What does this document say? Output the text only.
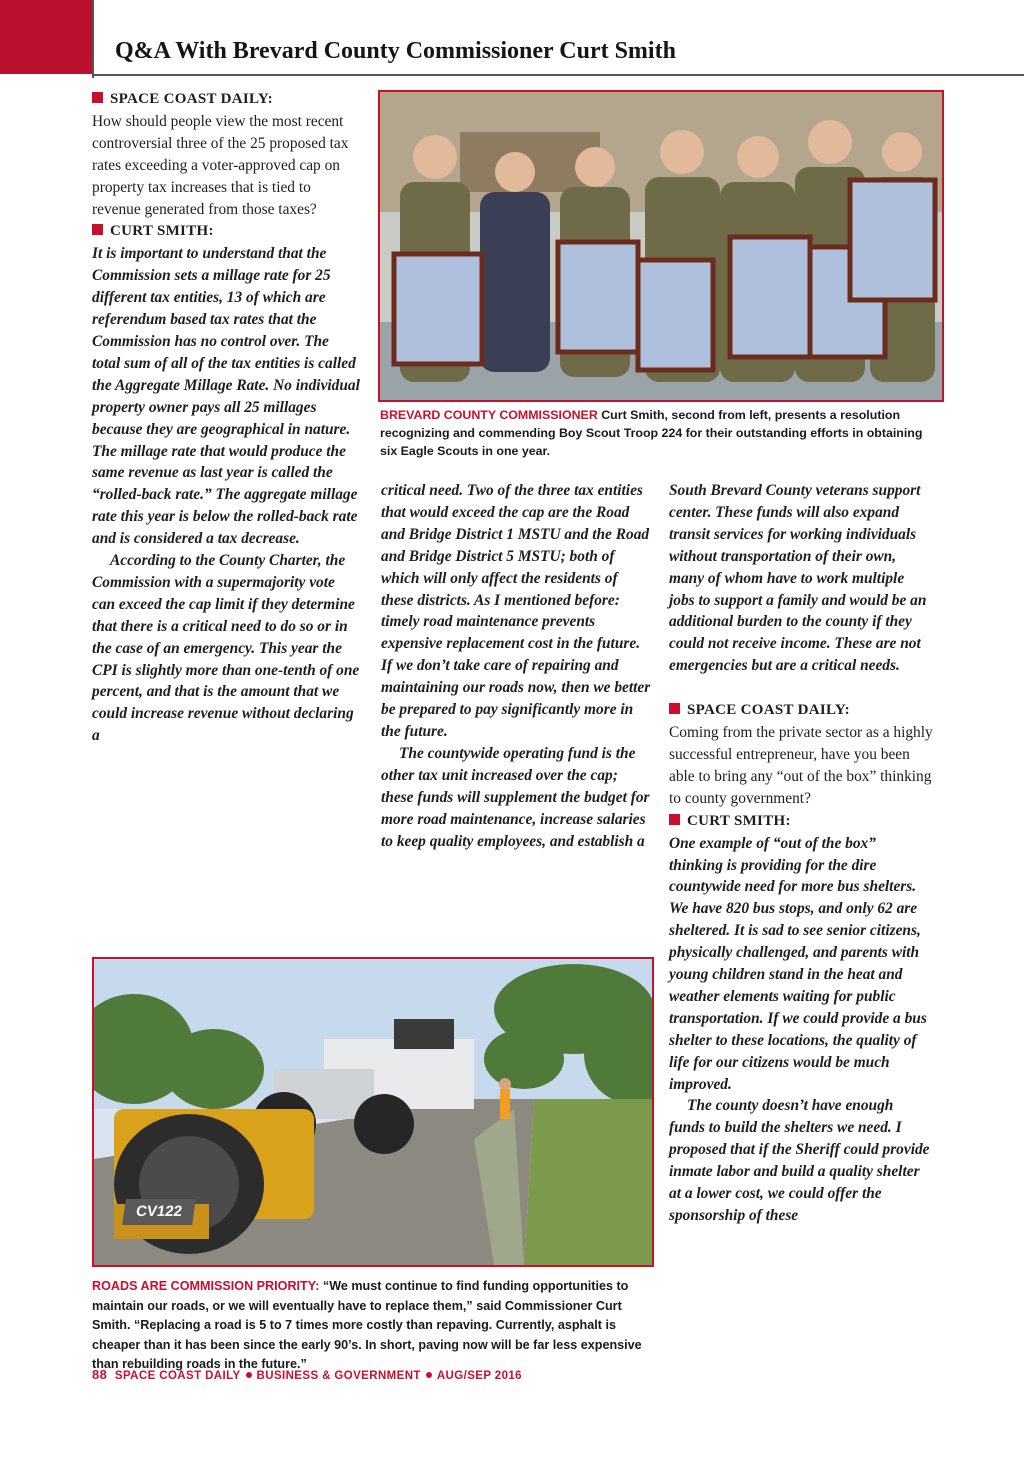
Q&A With Brevard County Commissioner Curt Smith

SPACE COAST DAILY:
How should people view the most recent controversial three of the 25 proposed tax rates exceeding a voter-approved cap on property tax increases that is tied to revenue generated from those taxes?

CURT SMITH:

It is important to understand that the Commission sets a millage rate for 25 different tax entities, 13 of which are referendum based tax rates that the Commission has no control over. The total sum of all of the tax entities is called the Aggregate Millage Rate. No individual property owner pays all 25 millages because they are geographical in nature. The millage rate that would produce the same revenue as last year is called the “rolled-back rate.” The aggregate millage rate this year is below the rolled-back rate and is considered a tax decrease.

According to the County Charter, the Commission with a supermajority vote can exceed the cap limit if they determine that there is a critical need to do so or in the case of an emergency. This year the CPI is slightly more than one-tenth of one percent, and that is the amount that we could increase revenue without declaring a

BREVARD COUNTY COMMISSIONER Curt Smith, second from left, presents a resolution recognizing and commending Boy Scout Troop 224 for their outstanding efforts in obtaining six Eagle Scouts in one year.

critical need. Two of the three tax entities that would exceed the cap are the Road and Bridge District 1 MSTU and the Road and Bridge District 5 MSTU; both of which will only affect the residents of these districts. As I mentioned before: timely road maintenance prevents expensive replacement cost in the future. If we don’t take care of repairing and maintaining our roads now, then we better be prepared to pay significantly more in the future.

The countywide operating fund is the other tax unit increased over the cap; these funds will supplement the budget for more road maintenance, increase salaries to keep quality employees, and establish a

South Brevard County veterans support center. These funds will also expand transit services for working individuals without transportation of their own, many of whom have to work multiple jobs to support a family and would be an additional burden to the county if they could not receive income. These are not emergencies but are a critical needs.

SPACE COAST DAILY:
Coming from the private sector as a highly successful entrepreneur, have you been able to bring any “out of the box” thinking to county government?

CURT SMITH:

One example of “out of the box” thinking is providing for the dire countywide need for more bus shelters. We have 820 bus stops, and only 62 are sheltered. It is sad to see senior citizens, physically challenged, and parents with young children stand in the heat and weather elements waiting for public transportation. If we could provide a bus shelter to these locations, the quality of life for our citizens would be much improved.

The county doesn’t have enough funds to build the shelters we need. I proposed that if the Sheriff could provide inmate labor and build a quality shelter at a lower cost, we could offer the sponsorship of these

CV122
ROADS ARE COMMISSION PRIORITY: “We must continue to find funding opportunities to maintain our roads, or we will eventually have to replace them,” said Commissioner Curt Smith. “Replacing a road is 5 to 7 times more costly than repaving. Currently, asphalt is cheaper than it has been since the early 90’s. In short, paving now will be far less expensive than rebuilding roads in the future.”
88 SPACE COAST DAILY BUSINESS & GOVERNMENT AUG/SEP 2016
